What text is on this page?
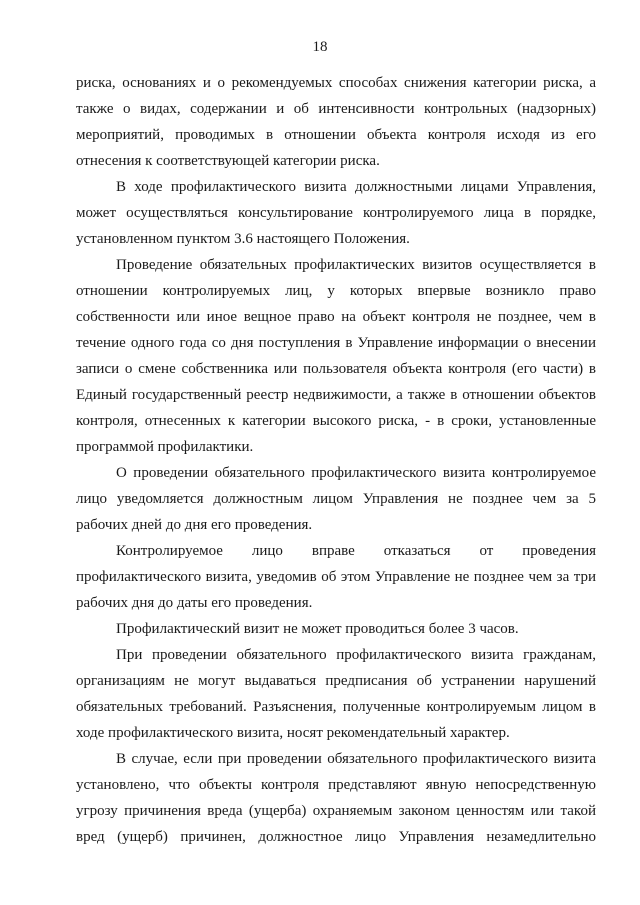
18

риска, основаниях и о рекомендуемых способах снижения категории риска, а также о видах, содержании и об интенсивности контрольных (надзорных) мероприятий, проводимых в отношении объекта контроля исходя из его отнесения к соответствующей категории риска.

В ходе профилактического визита должностными лицами Управления, может осуществляться консультирование контролируемого лица в порядке, установленном пунктом 3.6 настоящего Положения.

Проведение обязательных профилактических визитов осуществляется в отношении контролируемых лиц, у которых впервые возникло право собственности или иное вещное право на объект контроля не позднее, чем в течение одного года со дня поступления в Управление информации о внесении записи о смене собственника или пользователя объекта контроля (его части) в Единый государственный реестр недвижимости, а также в отношении объектов контроля, отнесенных к категории высокого риска, - в сроки, установленные программой профилактики.

О проведении обязательного профилактического визита контролируемое лицо уведомляется должностным лицом Управления не позднее чем за 5 рабочих дней до дня его проведения.

Контролируемое лицо вправе отказаться от проведения профилактического визита, уведомив об этом Управление не позднее чем за три рабочих дня до даты его проведения.

Профилактический визит не может проводиться более 3 часов.

При проведении обязательного профилактического визита гражданам, организациям не могут выдаваться предписания об устранении нарушений обязательных требований. Разъяснения, полученные контролируемым лицом в ходе профилактического визита, носят рекомендательный характер.

В случае, если при проведении обязательного профилактического визита установлено, что объекты контроля представляют явную непосредственную угрозу причинения вреда (ущерба) охраняемым законом ценностям или такой вред (ущерб) причинен, должностное лицо Управления незамедлительно
